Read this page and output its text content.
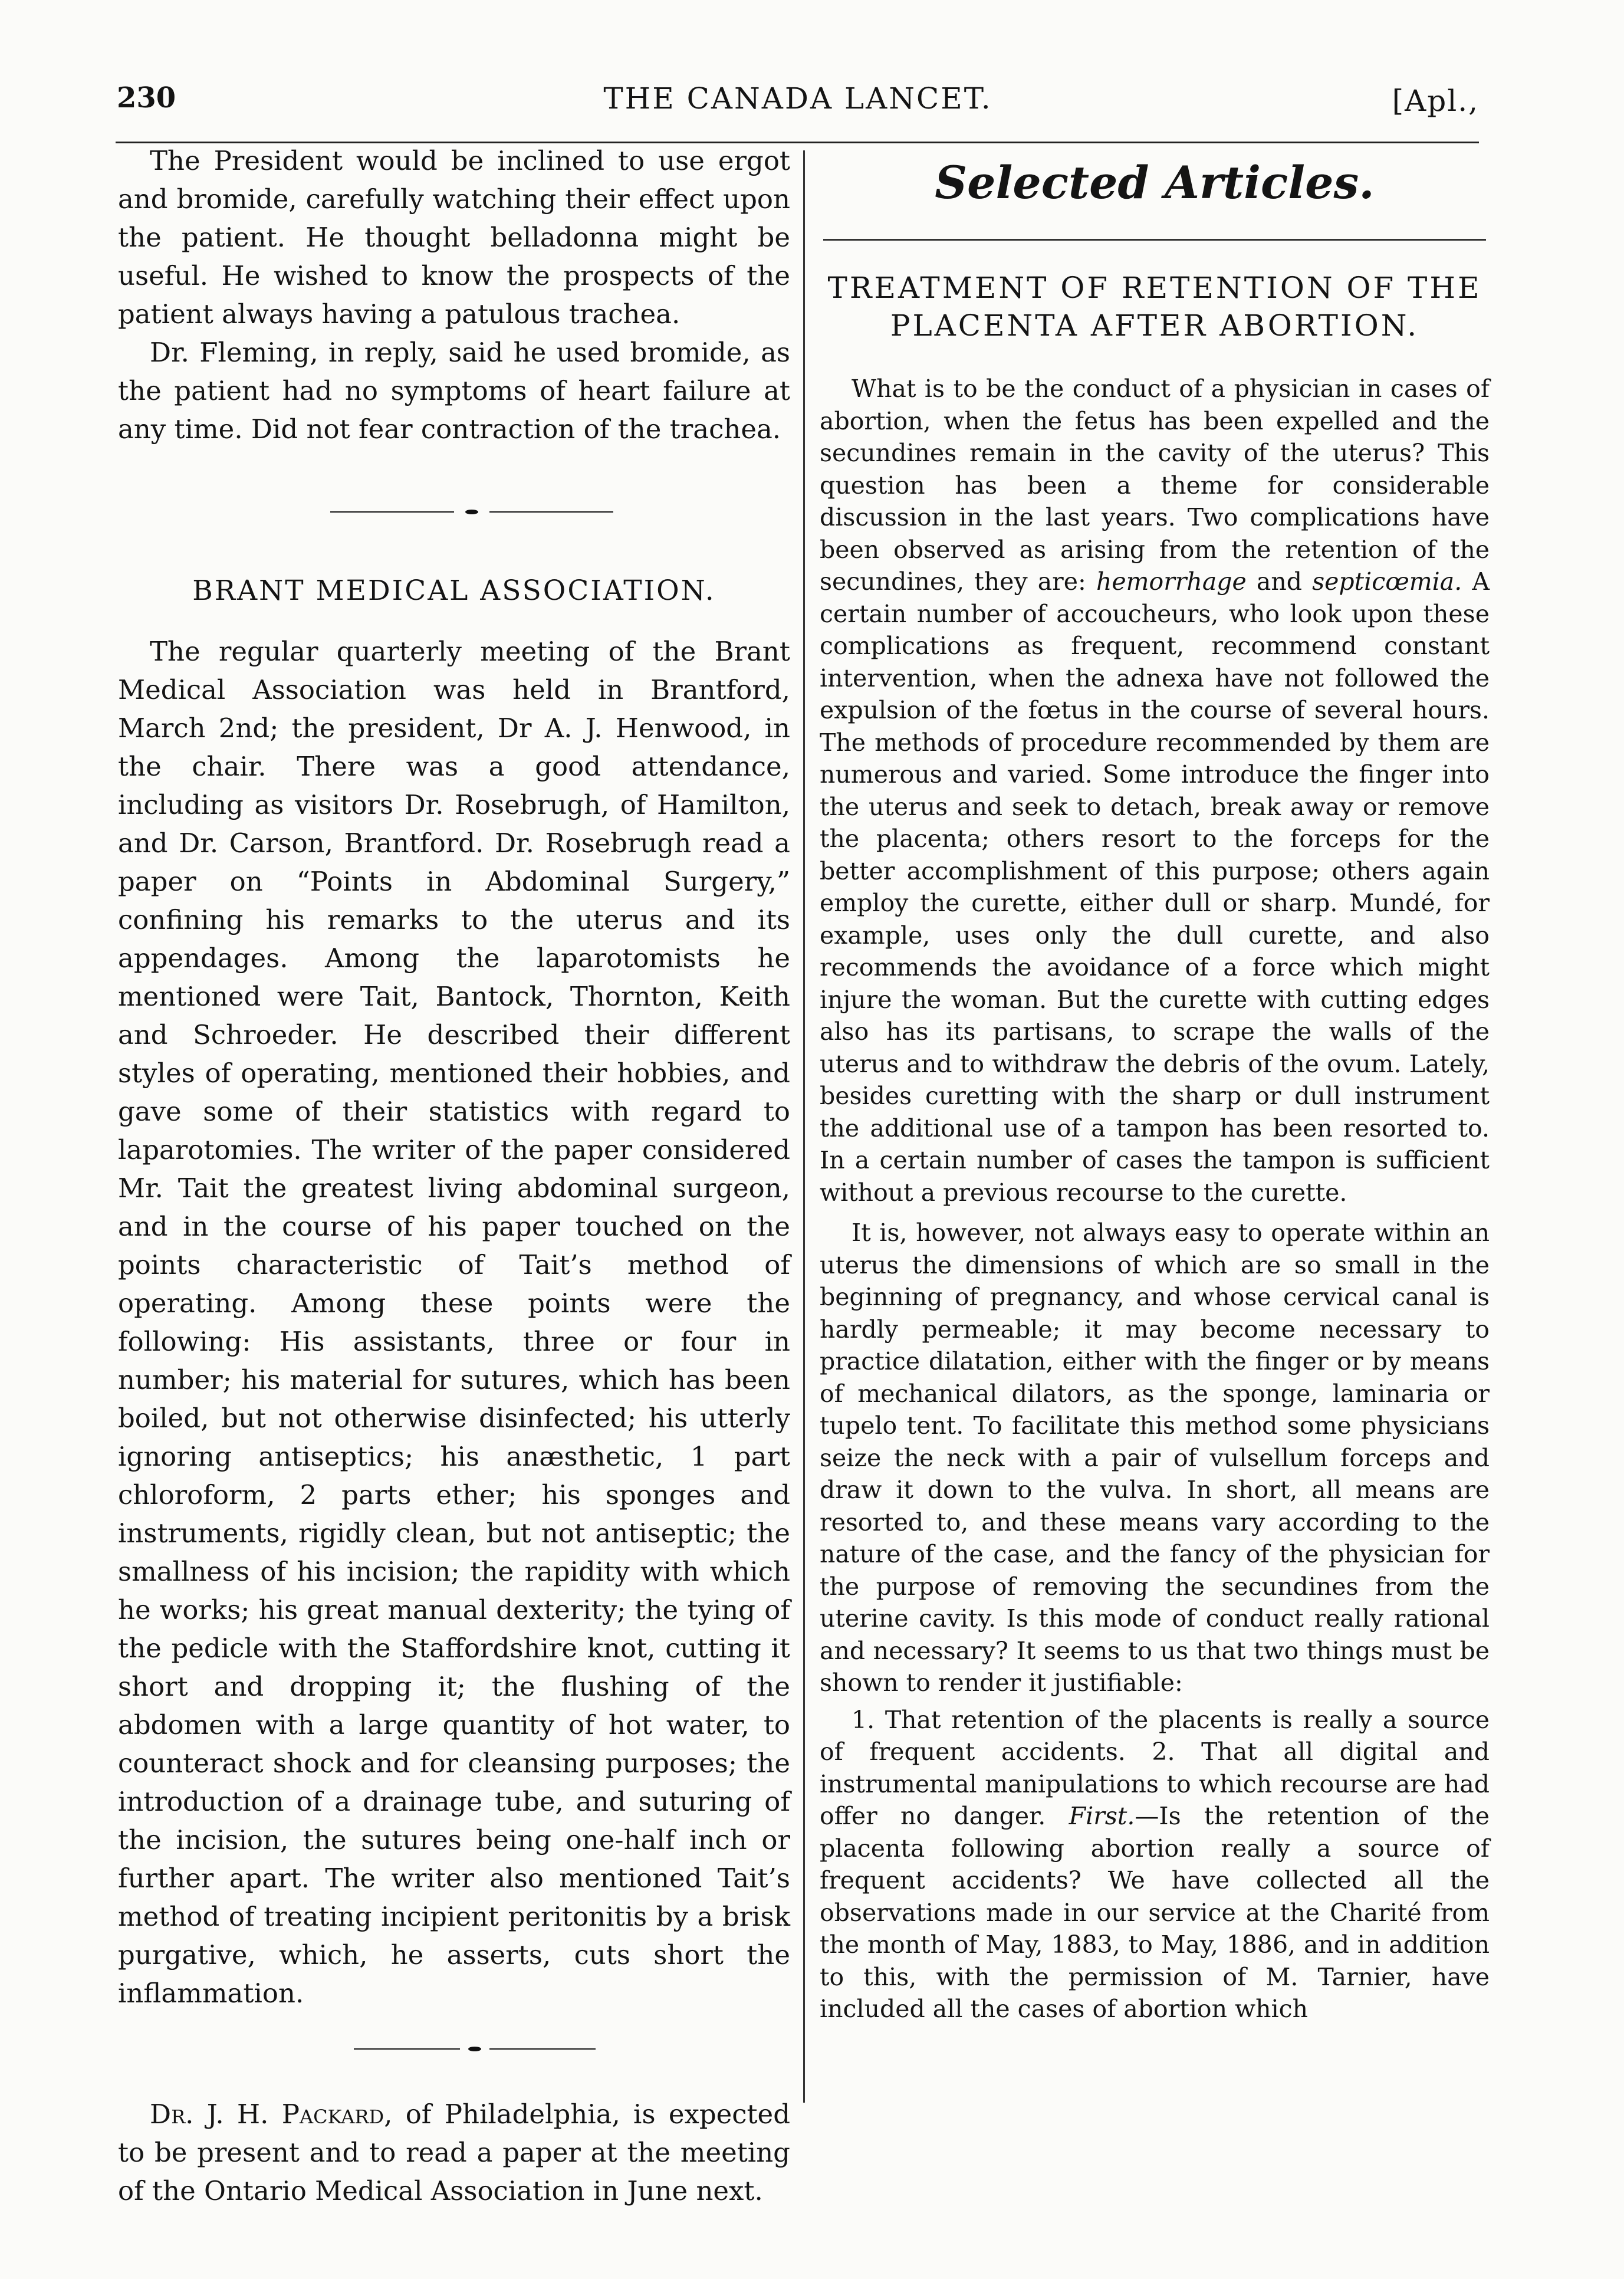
230	THE CANADA LANCET.	[Apl.,

The President would be inclined to use ergot and bromide, carefully watching their effect upon the patient. He thought belladonna might be useful. He wished to know the prospects of the patient always having a patulous trachea.

Dr. Fleming, in reply, said he used bromide, as the patient had no symptoms of heart failure at any time. Did not fear contraction of the trachea.

BRANT MEDICAL ASSOCIATION.

The regular quarterly meeting of the Brant Medical Association was held in Brantford, March 2nd; the president, Dr A. J. Henwood, in the chair. There was a good attendance, including as visitors Dr. Rosebrugh, of Hamilton, and Dr. Carson, Brantford. Dr. Rosebrugh read a paper on “Points in Abdominal Surgery,” confining his remarks to the uterus and its appendages. Among the laparotomists he mentioned were Tait, Bantock, Thornton, Keith and Schroeder. He described their different styles of operating, mentioned their hobbies, and gave some of their statistics with regard to laparotomies. The writer of the paper considered Mr. Tait the greatest living abdominal surgeon, and in the course of his paper touched on the points characteristic of Tait’s method of operating. Among these points were the following: His assistants, three or four in number; his material for sutures, which has been boiled, but not otherwise disinfected; his utterly ignoring antiseptics; his anæsthetic, 1 part chloroform, 2 parts ether; his sponges and instruments, rigidly clean, but not antiseptic; the smallness of his incision; the rapidity with which he works; his great manual dexterity; the tying of the pedicle with the Staffordshire knot, cutting it short and dropping it; the flushing of the abdomen with a large quantity of hot water, to counteract shock and for cleansing purposes; the introduction of a drainage tube, and suturing of the incision, the sutures being one-half inch or further apart. The writer also mentioned Tait’s method of treating incipient peritonitis by a brisk purgative, which, he asserts, cuts short the inflammation.

Dr. J. H. Packard, of Philadelphia, is expected to be present and to read a paper at the meeting of the Ontario Medical Association in June next.

Selected Articles.

TREATMENT OF RETENTION OF THE PLACENTA AFTER ABORTION.

What is to be the conduct of a physician in cases of abortion, when the fetus has been expelled and the secundines remain in the cavity of the uterus? This question has been a theme for considerable discussion in the last years. Two complications have been observed as arising from the retention of the secundines, they are: hemorrhage and septicœmia. A certain number of accoucheurs, who look upon these complications as frequent, recommend constant intervention, when the adnexa have not followed the expulsion of the fœtus in the course of several hours. The methods of procedure recommended by them are numerous and varied. Some introduce the finger into the uterus and seek to detach, break away or remove the placenta; others resort to the forceps for the better accomplishment of this purpose; others again employ the curette, either dull or sharp. Mundé, for example, uses only the dull curette, and also recommends the avoidance of a force which might injure the woman. But the curette with cutting edges also has its partisans, to scrape the walls of the uterus and to withdraw the debris of the ovum. Lately, besides curetting with the sharp or dull instrument the additional use of a tampon has been resorted to. In a certain number of cases the tampon is sufficient without a previous recourse to the curette.

It is, however, not always easy to operate within an uterus the dimensions of which are so small in the beginning of pregnancy, and whose cervical canal is hardly permeable; it may become necessary to practice dilatation, either with the finger or by means of mechanical dilators, as the sponge, laminaria or tupelo tent. To facilitate this method some physicians seize the neck with a pair of vulsellum forceps and draw it down to the vulva. In short, all means are resorted to, and these means vary according to the nature of the case, and the fancy of the physician for the purpose of removing the secundines from the uterine cavity. Is this mode of conduct really rational and necessary? It seems to us that two things must be shown to render it justifiable:

1. That retention of the placents is really a source of frequent accidents. 2. That all digital and instrumental manipulations to which recourse are had offer no danger. First.—Is the retention of the placenta following abortion really a source of frequent accidents? We have collected all the observations made in our service at the Charité from the month of May, 1883, to May, 1886, and in addition to this, with the permission of M. Tarnier, have included all the cases of abortion which
